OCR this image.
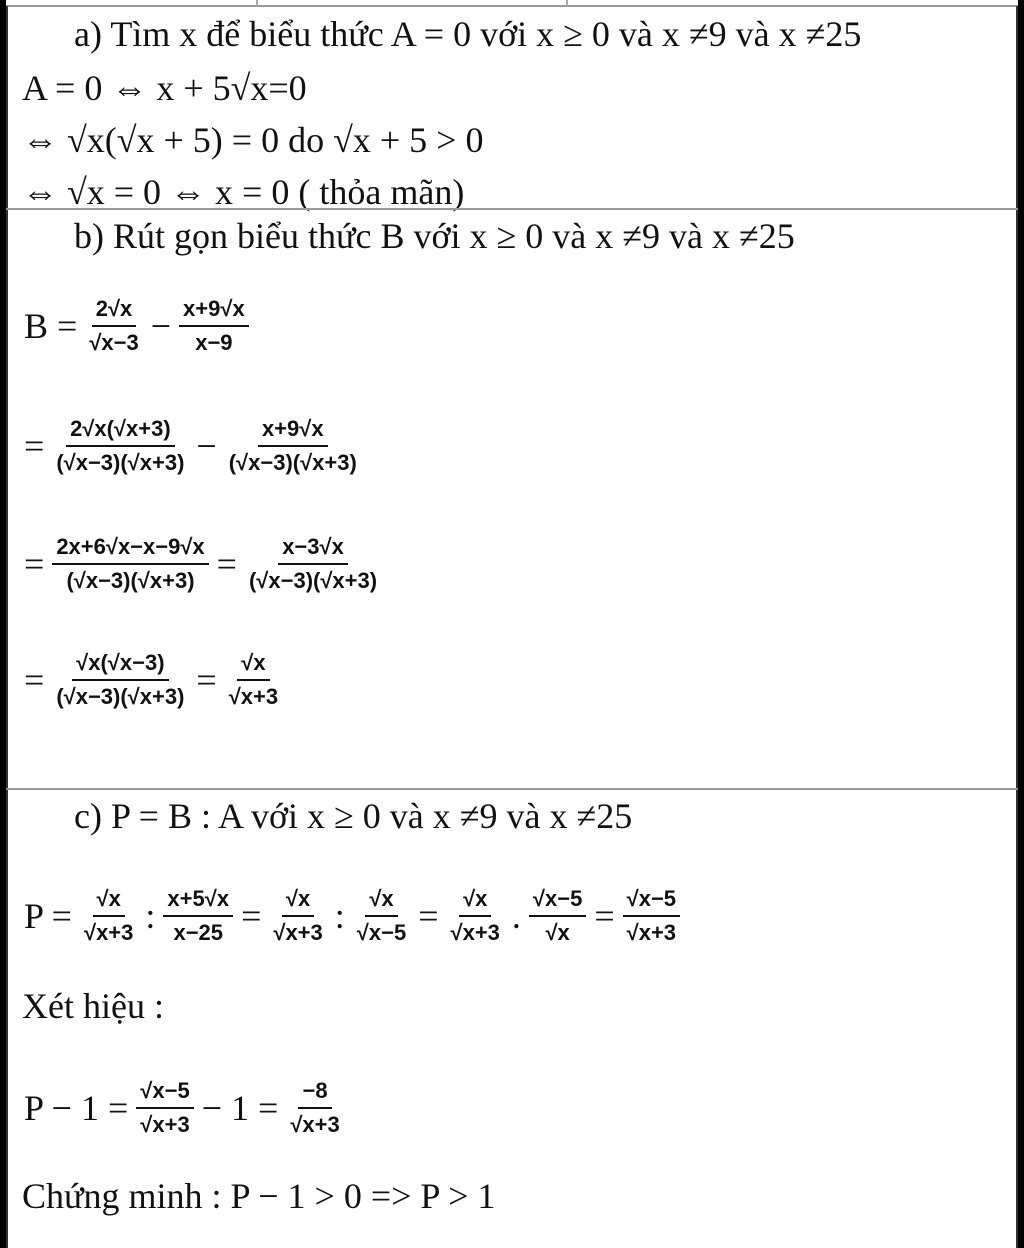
a) Tìm x để biểu thức A = 0 với x ≥ 0 và x ≠9 và x ≠25
A = 0 ⇔ x + 5√x=0
⇔ √x(√x + 5) = 0 do √x + 5 > 0
⇔ √x = 0 ⇔ x = 0 ( thỏa mãn)
b) Rút gọn biểu thức B với x ≥ 0 và x ≠9 và x ≠25
$B = \frac{2√x}{√x-3} - \frac{x+9√x}{x-9}$
= $\frac{2√x(√x+3)}{(√x-3)(√x+3)} - \frac{x+9√x}{(√x-3)(√x+3)}$
= $\frac{2x+6√x-x-9√x}{(√x-3)(√x+3)} = \frac{x-3√x}{(√x-3)(√x+3)}$
= $\frac{√x(√x-3)}{(√x-3)(√x+3)} = \frac{√x}{√x+3}$
c) P = B : A với x ≥ 0 và x ≠9 và x ≠25
$P = \frac{√x}{√x+3}$ : $\frac{x+5√x}{x-25} = \frac{√x}{√x+3}$ : $\frac{√x}{√x-5} = \frac{√x}{√x+3}$ . $\frac{√x-5}{√x} = \frac{√x-5}{√x+3}$
Xét hiệu :
$P - 1 = \frac{√x-5}{√x+3} - 1 = \frac{-8}{√x+3}$
Chứng minh : P − 1 > 0 => P > 1
